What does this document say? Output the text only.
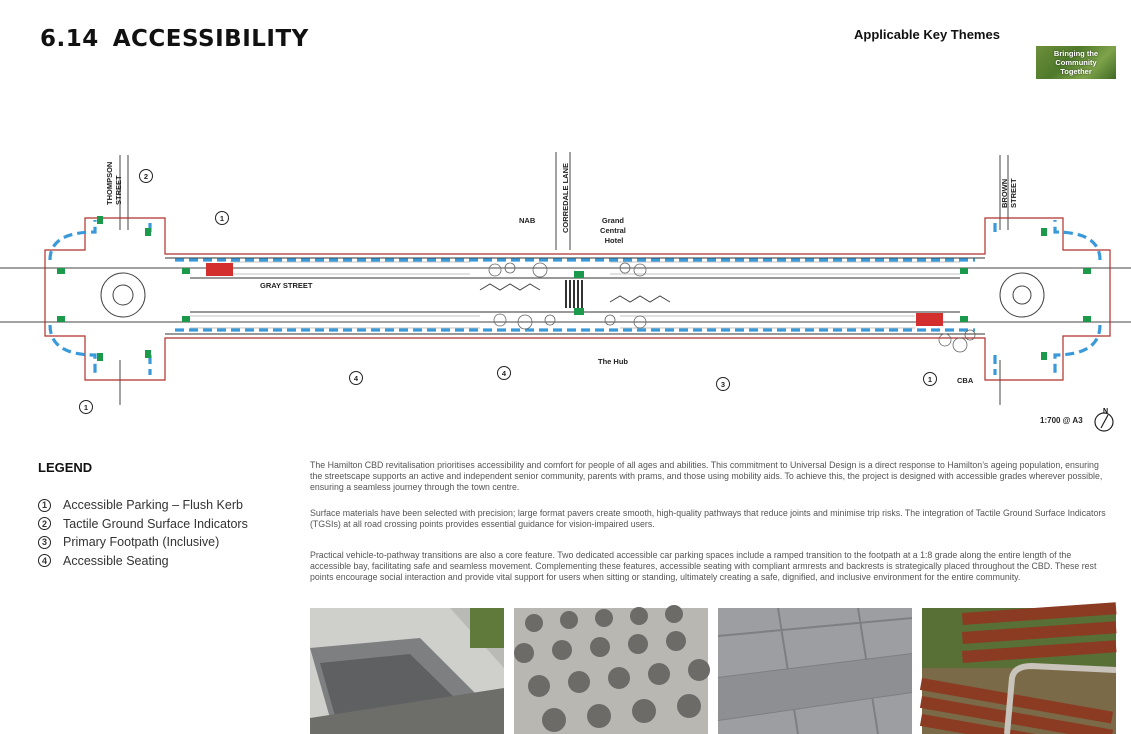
6.14 ACCESSIBILITY	Applicable Key Themes
Bringing the Community Together
GRAY STREET
THOMPSONSTREET	BROWNSTREET
CORREDALE LANE
NAB	Grand Central Hotel
The Hub
CBA
2
1
4
4
3
1
1
1:700 @ A3
N
LEGEND
1	Accessible Parking – Flush Kerb
2	Tactile Ground Surface Indicators
3	Primary Footpath (Inclusive)
4	Accessible Seating
The Hamilton CBD revitalisation prioritises accessibility and comfort for people of all ages and abilities. This commitment to Universal Design is a direct response to Hamilton’s ageing population, ensuring the streetscape supports an active and independent senior community, parents with prams, and those using mobility aids. To achieve this, the project is designed with accessible grades wherever possible, ensuring a seamless journey through the town centre.
Surface materials have been selected with precision; large format pavers create smooth, high-quality pathways that reduce joints and minimise trip risks. The integration of Tactile Ground Surface Indicators (TGSIs) at all road crossing points provides essential guidance for vision-impaired users.
Practical vehicle-to-pathway transitions are also a core feature. Two dedicated accessible car parking spaces include a ramped transition to the footpath at a 1:8 grade along the entire length of the accessible bay, facilitating safe and seamless movement. Complementing these features, accessible seating with compliant armrests and backrests is strategically placed throughout the CBD. These rest points encourage social interaction and provide vital support for users when sitting or standing, ultimately creating a safe, dignified, and inclusive environment for the entire community.
